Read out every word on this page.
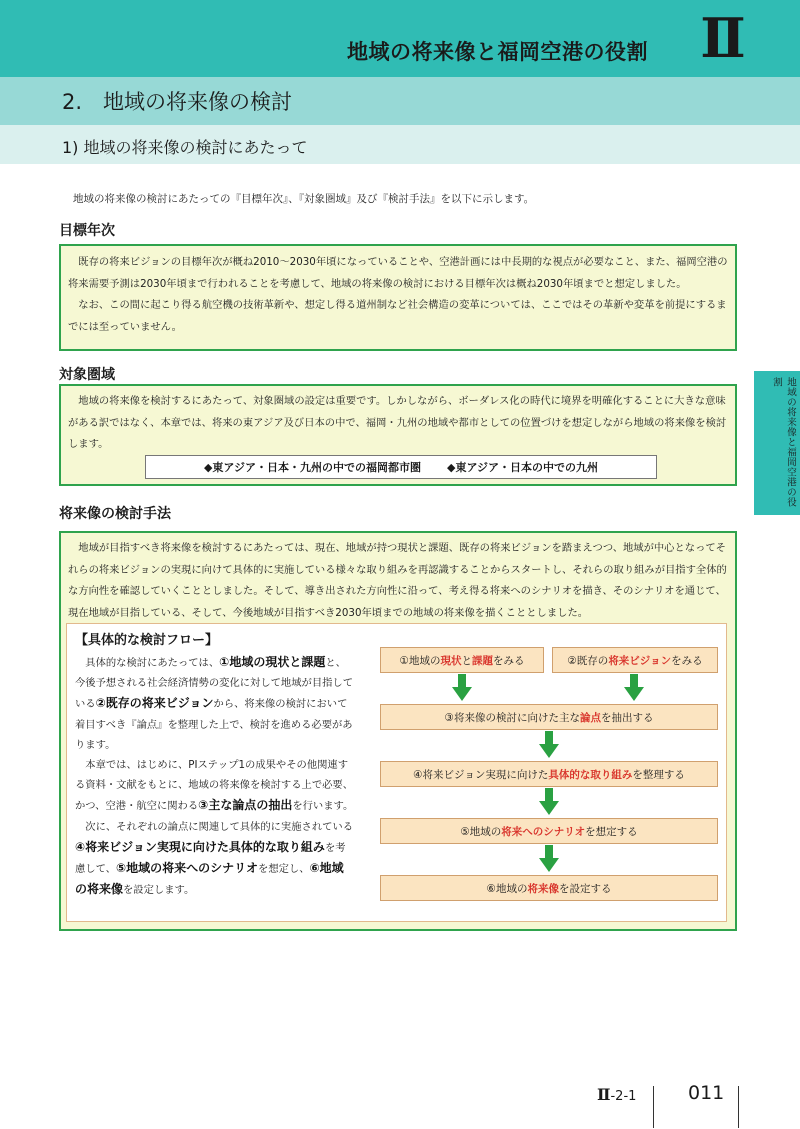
地域の将来像と福岡空港の役割 Ⅱ
2.　地域の将来像の検討
1) 地域の将来像の検討にあたって
地域の将来像の検討にあたっての『目標年次』、『対象圏域』及び『検討手法』を以下に示します。
目標年次

既存の将来ビジョンの目標年次が概ね2010～2030年頃になっていることや、空港計画には中長期的な視点が必要なこと、また、福岡空港の将来需要予測は2030年頃まで行われることを考慮して、地域の将来像の検討における目標年次は概ね2030年頃までと想定しました。

なお、この間に起こり得る航空機の技術革新や、想定し得る道州制など社会構造の変革については、ここではその革新や変革を前提にするまでには至っていません。

対象圏域

地域の将来像を検討するにあたって、対象圏域の設定は重要です。しかしながら、ボーダレス化の時代に境界を明確化することに大きな意味がある訳ではなく、本章では、将来の東アジア及び日本の中で、福岡・九州の地域や都市としての位置づけを想定しながら地域の将来像を検討します。

◆東アジア・日本・九州の中での福岡都市圏 ◆東アジア・日本の中での九州
将来像の検討手法

地域が目指すべき将来像を検討するにあたっては、現在、地域が持つ現状と課題、既存の将来ビジョンを踏まえつつ、地域が中心となってそれらの将来ビジョンの実現に向けて具体的に実施している様々な取り組みを再認識することからスタートし、それらの取り組みが目指す全体的な方向性を確認していくこととしました。そして、導き出された方向性に沿って、考え得る将来へのシナリオを描き、そのシナリオを通じて、現在地域が目指している、そして、今後地域が目指すべき2030年頃までの地域の将来像を描くこととしました。

【具体的な検討フロー】

具体的な検討にあたっては、①地域の現状と課題と、今後予想される社会経済情勢の変化に対して地域が目指している②既存の将来ビジョンから、将来像の検討において着目すべき『論点』を整理した上で、検討を進める必要があります。

本章では、はじめに、PIステップ1の成果やその他関連する資料・文献をもとに、地域の将来像を検討する上で必要、かつ、空港・航空に関わる③主な論点の抽出を行います。

次に、それぞれの論点に関連して具体的に実施されている④将来ビジョン実現に向けた具体的な取り組みを考慮して、⑤地域の将来へのシナリオを想定し、⑥地域の将来像を設定します。

①地域の 現状 と 課題 をみる	②既存の 将来ビジョン をみる
③将来像の検討に向けた主な 論点 を抽出する
④将来ビジョン実現に向けた 具体的な取り組み を整理する
⑤地域の 将来へのシナリオ を想定する
⑥地域の 将来像 を設定する
地域の将来像と福岡空港の役割
Ⅱ-2-1	011
